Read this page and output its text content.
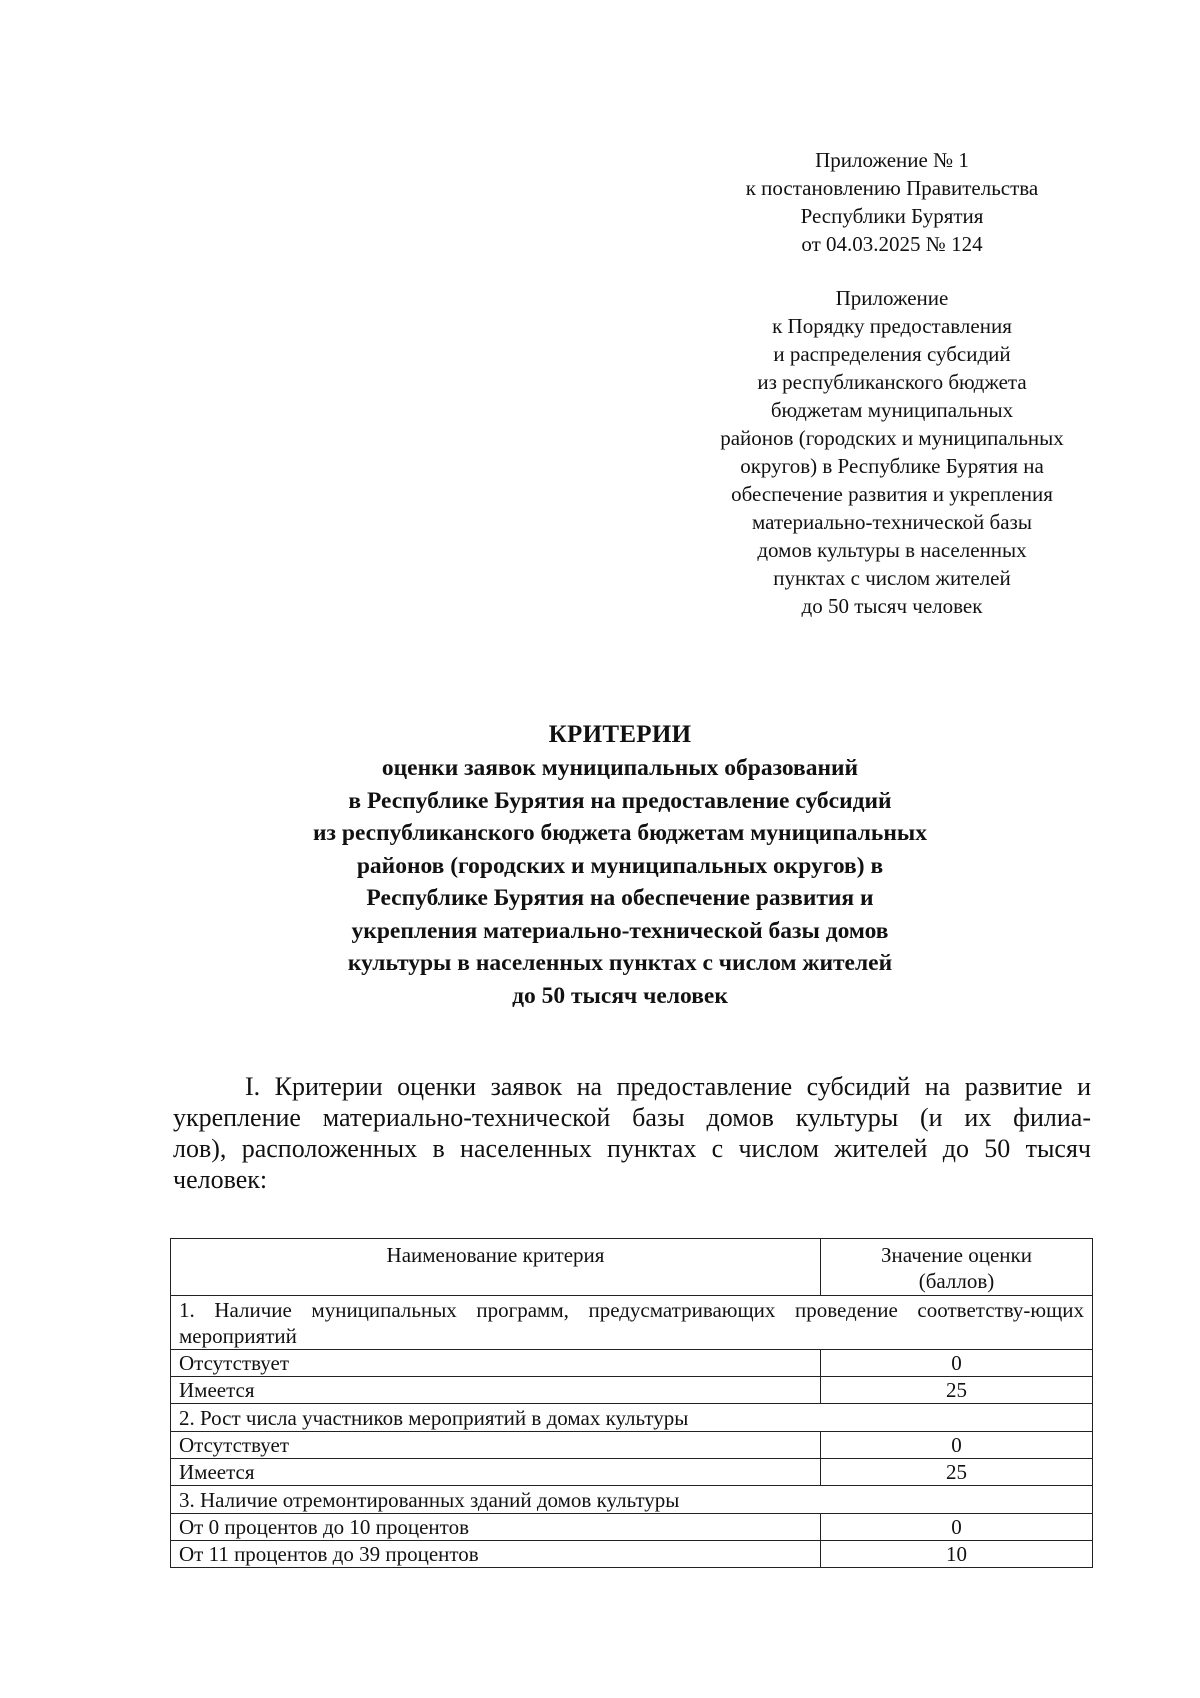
Приложение № 1
к постановлению Правительства
Республики Бурятия
от 04.03.2025 № 124
Приложение
к Порядку предоставления
и распределения субсидий
из республиканского бюджета
бюджетам муниципальных
районов (городских и муниципальных
округов) в Республике Бурятия на
обеспечение развития и укрепления
материально-технической базы
домов культуры в населенных
пунктах с числом жителей
до 50 тысяч человек
КРИТЕРИИ
оценки заявок муниципальных образований
в Республике Бурятия на предоставление субсидий
из республиканского бюджета бюджетам муниципальных
районов (городских и муниципальных округов) в
Республике Бурятия на обеспечение развития и
укрепления материально-технической базы домов
культуры в населенных пунктах с числом жителей
до 50 тысяч человек
I. Критерии оценки заявок на предоставление субсидий на развитие и
укрепление материально-технической базы домов культуры (и их филиа-
лов), расположенных в населенных пунктах с числом жителей до 50 тысяч
человек:
Наименование критерия	Значение оценки
(баллов)
1. Наличие муниципальных программ, предусматривающих проведение соответству-ющих мероприятий	
Отсутствует	0
Имеется	25
2. Рост числа участников мероприятий в домах культуры	
Отсутствует	0
Имеется	25
3. Наличие отремонтированных зданий домов культуры	
От 0 процентов до 10 процентов	0
От 11 процентов до 39 процентов	10
